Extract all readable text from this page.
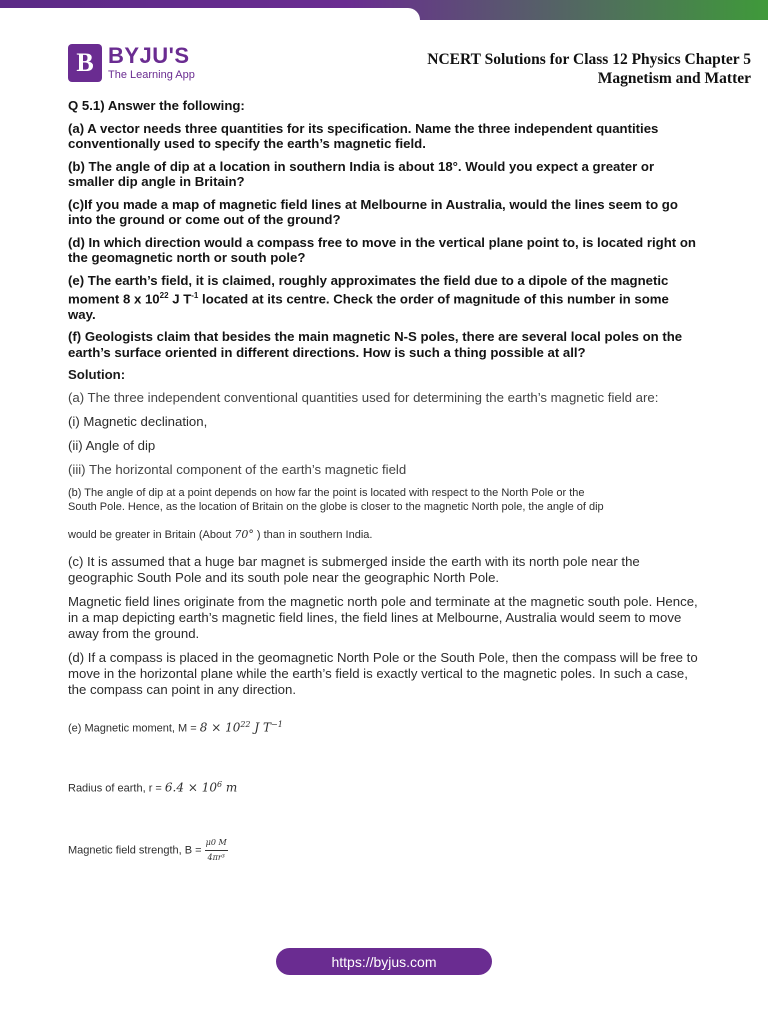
B BYJU'S
The Learning App
NCERT Solutions for Class 12 Physics Chapter 5
Magnetism and Matter

Q 5.1) Answer the following:

(a) A vector needs three quantities for its specification. Name the three independent quantities conventionally used to specify the earth’s magnetic field.

(b) The angle of dip at a location in southern India is about 18°. Would you expect a greater or smaller dip angle in Britain?

(c)If you made a map of magnetic field lines at Melbourne in Australia, would the lines seem to go into the ground or come out of the ground?

(d) In which direction would a compass free to move in the vertical plane point to, is located right on the geomagnetic north or south pole?

(e) The earth’s field, it is claimed, roughly approximates the field due to a dipole of the magnetic moment 8 x $10^{22}$ J $T^{-1}$ located at its centre. Check the order of magnitude of this number in some way.

(f) Geologists claim that besides the main magnetic N-S poles, there are several local poles on the earth’s surface oriented in different directions. How is such a thing possible at all?

Solution:

(a) The three independent conventional quantities used for determining the earth’s magnetic field are:

(i) Magnetic declination,

(ii) Angle of dip

(iii) The horizontal component of the earth’s magnetic field

(b) The angle of dip at a point depends on how far the point is located with respect to the North Pole or the

South Pole. Hence, as the location of Britain on the globe is closer to the magnetic North pole, the angle of dip

would be greater in Britain (About 70° ) than in southern India.

(c) It is assumed that a huge bar magnet is submerged inside the earth with its north pole near the geographic South Pole and its south pole near the geographic North Pole.

Magnetic field lines originate from the magnetic north pole and terminate at the magnetic south pole. Hence, in a map depicting earth’s magnetic field lines, the field lines at Melbourne, Australia would seem to move away from the ground.

(d) If a compass is placed in the geomagnetic North Pole or the South Pole, then the compass will be free to move in the horizontal plane while the earth’s field is exactly vertical to the magnetic poles. In such a case, the compass can point in any direction.

(e) Magnetic moment, $M = 8 \times 10^{22}$ J $T^{-1}$

Radius of earth, $r = 6.4 \times 10^6$ m

Magnetic field strength, $B = \frac{\mu 0 M}{\text{4πr³}}$

https://byjus.com
